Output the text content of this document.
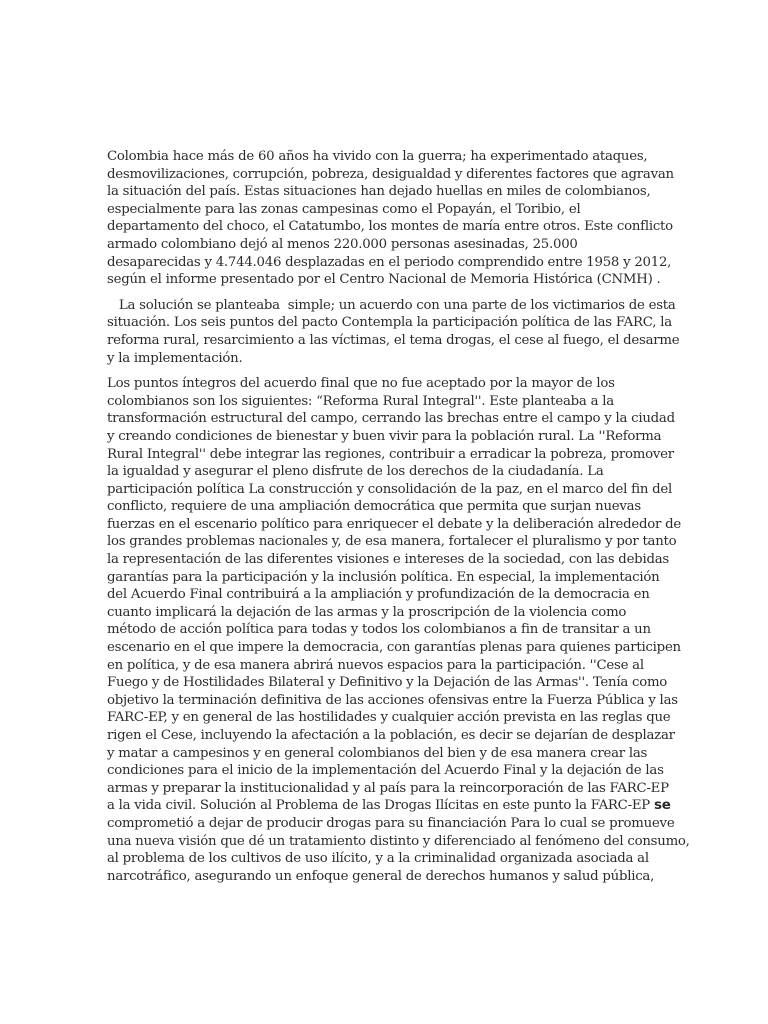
Colombia hace más de 60 años ha vivido con la guerra; ha experimentado ataques,
desmovilizaciones, corrupción, pobreza, desigualdad y diferentes factores que agravan
la situación del país. Estas situaciones han dejado huellas en miles de colombianos,
especialmente para las zonas campesinas como el Popayán, el Toribio, el
departamento del choco, el Catatumbo, los montes de maría entre otros. Este conflicto
armado colombiano dejó al menos 220.000 personas asesinadas, 25.000
desaparecidas y 4.744.046 desplazadas en el periodo comprendido entre 1958 y 2012,
según el informe presentado por el Centro Nacional de Memoria Histórica (CNMH) .

La solución se planteaba  simple; un acuerdo con una parte de los victimarios de esta
situación. Los seis puntos del pacto Contempla la participación política de las FARC, la
reforma rural, resarcimiento a las víctimas, el tema drogas, el cese al fuego, el desarme
y la implementación.

Los puntos íntegros del acuerdo final que no fue aceptado por la mayor de los
colombianos son los siguientes: “Reforma Rural Integral''. Este planteaba a la
transformación estructural del campo, cerrando las brechas entre el campo y la ciudad
y creando condiciones de bienestar y buen vivir para la población rural. La ''Reforma
Rural Integral'' debe integrar las regiones, contribuir a erradicar la pobreza, promover
la igualdad y asegurar el pleno disfrute de los derechos de la ciudadanía. La
participación política La construcción y consolidación de la paz, en el marco del fin del
conflicto, requiere de una ampliación democrática que permita que surjan nuevas
fuerzas en el escenario político para enriquecer el debate y la deliberación alrededor de
los grandes problemas nacionales y, de esa manera, fortalecer el pluralismo y por tanto
la representación de las diferentes visiones e intereses de la sociedad, con las debidas
garantías para la participación y la inclusión política. En especial, la implementación
del Acuerdo Final contribuirá a la ampliación y profundización de la democracia en
cuanto implicará la dejación de las armas y la proscripción de la violencia como
método de acción política para todas y todos los colombianos a fin de transitar a un
escenario en el que impere la democracia, con garantías plenas para quienes participen
en política, y de esa manera abrirá nuevos espacios para la participación. ''Cese al
Fuego y de Hostilidades Bilateral y Definitivo y la Dejación de las Armas''. Tenía como
objetivo la terminación definitiva de las acciones ofensivas entre la Fuerza Pública y las
FARC-EP, y en general de las hostilidades y cualquier acción prevista en las reglas que
rigen el Cese, incluyendo la afectación a la población, es decir se dejarían de desplazar
y matar a campesinos y en general colombianos del bien y de esa manera crear las
condiciones para el inicio de la implementación del Acuerdo Final y la dejación de las
armas y preparar la institucionalidad y al país para la reincorporación de las FARC-EP
a la vida civil. Solución al Problema de las Drogas Ilícitas en este punto la FARC-EP se
comprometió a dejar de producir drogas para su financiación Para lo cual se promueve
una nueva visión que dé un tratamiento distinto y diferenciado al fenómeno del consumo,
al problema de los cultivos de uso ilícito, y a la criminalidad organizada asociada al
narcotráfico, asegurando un enfoque general de derechos humanos y salud pública,
